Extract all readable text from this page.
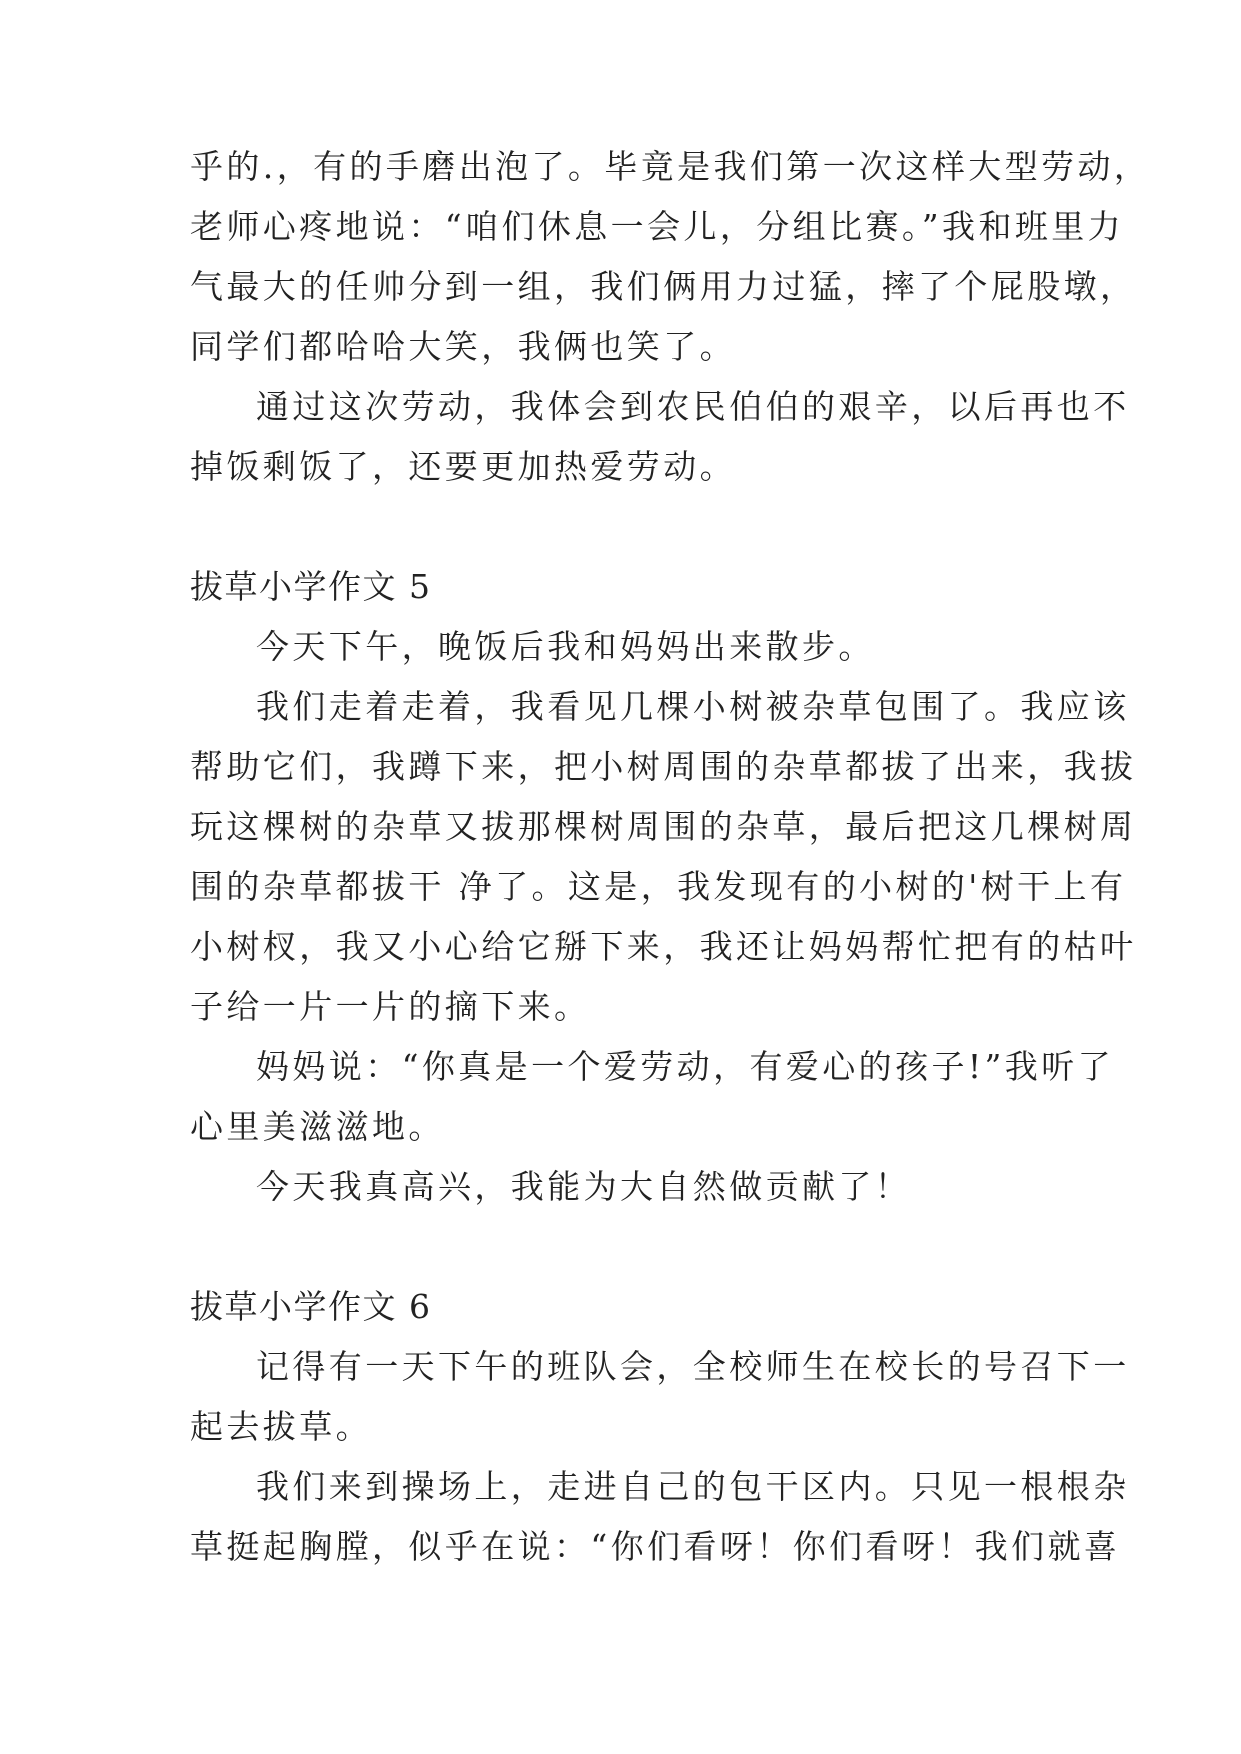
乎的.，有的手磨出泡了。毕竟是我们第一次这样大型劳动，
老师心疼地说：“咱们休息一会儿，分组比赛。”我和班里力
气最大的任帅分到一组，我们俩用力过猛，摔了个屁股墩，
同学们都哈哈大笑，我俩也笑了。
通过这次劳动，我体会到农民伯伯的艰辛，以后再也不
掉饭剩饭了，还要更加热爱劳动。
拔草小学作文 5
今天下午，晚饭后我和妈妈出来散步。
我们走着走着，我看见几棵小树被杂草包围了。我应该
帮助它们，我蹲下来，把小树周围的杂草都拔了出来，我拔
玩这棵树的杂草又拔那棵树周围的杂草，最后把这几棵树周
围的杂草都拔干 净了。这是，我发现有的小树的'树干上有
小树杈，我又小心给它掰下来，我还让妈妈帮忙把有的枯叶
子给一片一片的摘下来。
妈妈说：“你真是一个爱劳动，有爱心的孩子!”我听了
心里美滋滋地。
今天我真高兴，我能为大自然做贡献了！
拔草小学作文 6
记得有一天下午的班队会，全校师生在校长的号召下一
起去拔草。
我们来到操场上，走进自己的包干区内。只见一根根杂
草挺起胸膛，似乎在说：“你们看呀！你们看呀！我们就喜
